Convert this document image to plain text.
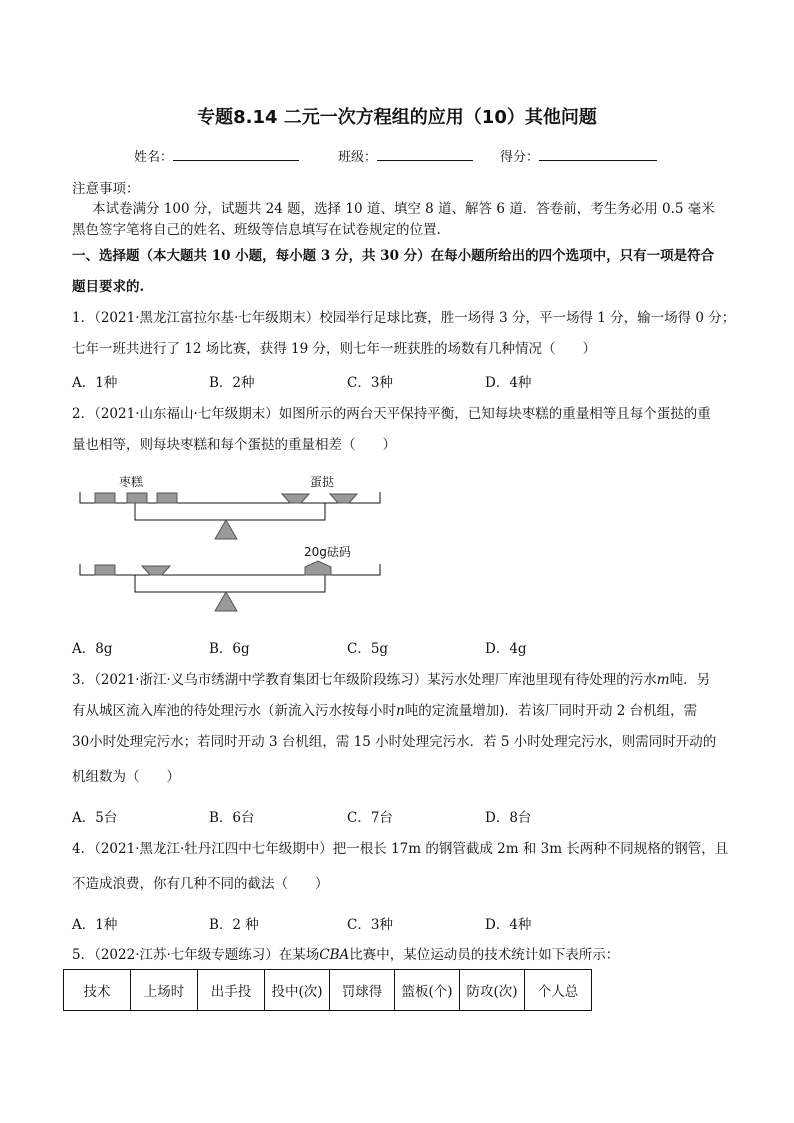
专题8.14 二元一次方程组的应用（10）其他问题
姓名：	班级：	得分：
注意事项：
本试卷满分 100 分，试题共 24 题，选择 10 道、填空 8 道、解答 6 道．答卷前，考生务必用 0.5 毫米
黑色签字笔将自己的姓名、班级等信息填写在试卷规定的位置.
一、选择题（本大题共 10 小题，每小题 3 分，共 30 分）在每小题所给出的四个选项中，只有一项是符合
题目要求的.
1．（2021·黑龙江富拉尔基·七年级期末）校园举行足球比赛，胜一场得 3 分，平一场得 1 分，输一场得 0 分；
七年一班共进行了 12 场比赛，获得 19 分，则七年一班获胜的场数有几种情况（　　）
A．1种	B．2种	C．3种	D．4种
2．（2021·山东福山·七年级期末）如图所示的两台天平保持平衡，已知每块枣糕的重量相等且每个蛋挞的重
量也相等，则每块枣糕和每个蛋挞的重量相差（　　）
枣糕	蛋挞
20g砝码
A．8g	B．6g	C．5g	D．4g
3．（2021·浙江·义乌市绣湖中学教育集团七年级阶段练习）某污水处理厂库池里现有待处理的污水m吨．另
有从城区流入库池的待处理污水（新流入污水按每小时n吨的定流量增加)．若该厂同时开动 2 台机组，需
30小时处理完污水；若同时开动 3 台机组，需 15 小时处理完污水．若 5 小时处理完污水，则需同时开动的
机组数为（　　）
A．5台	B．6台	C．7台	D．8台
4．（2021·黑龙江·牡丹江四中七年级期中）把一根长 17m 的钢管截成 2m 和 3m 长两种不同规格的钢管，且
不造成浪费，你有几种不同的截法（　　）
A．1种	B．2 种	C．3种	D．4种
5．（2022·江苏·七年级专题练习）在某场CBA比赛中，某位运动员的技术统计如下表所示：
技术	上场时	出手投	投中(次)	罚球得	篮板(个)	防攻(次)	个人总
